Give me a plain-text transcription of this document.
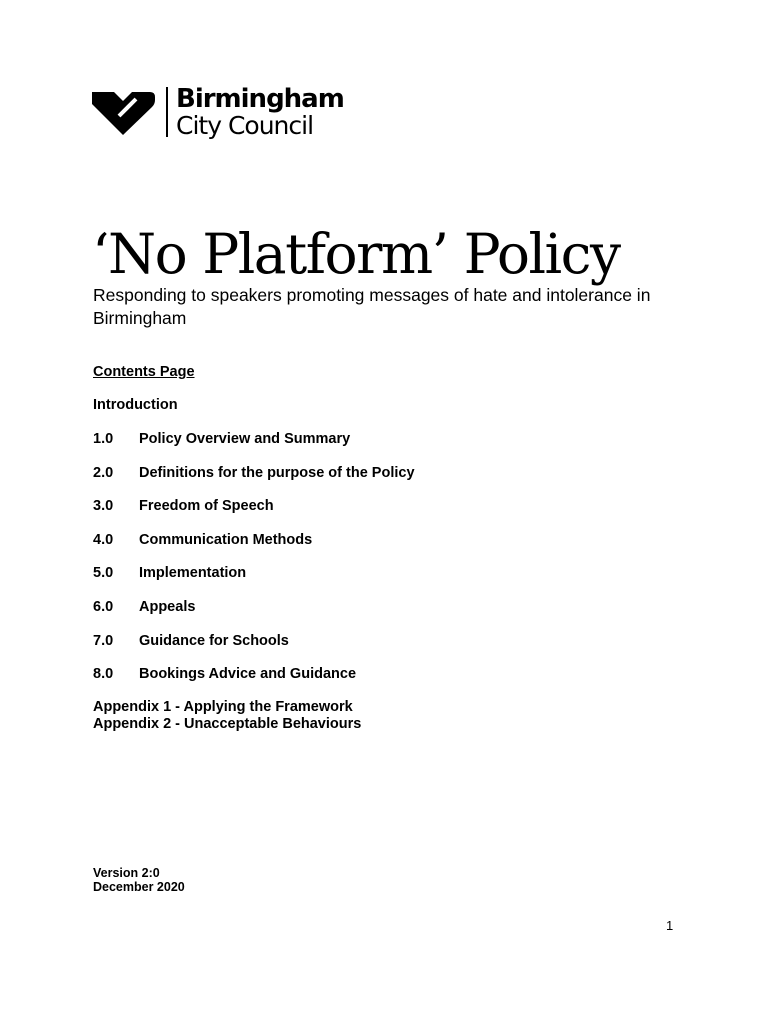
Birmingham
City Council
‘No Platform’ Policy
Responding to speakers promoting messages of hate and intolerance in Birmingham
Contents Page
Introduction
1.0 Policy Overview and Summary
2.0 Definitions for the purpose of the Policy
3.0 Freedom of Speech
4.0 Communication Methods
5.0 Implementation
6.0 Appeals
7.0 Guidance for Schools
8.0 Bookings Advice and Guidance
Appendix 1 - Applying the Framework
Appendix 2 - Unacceptable Behaviours
Version 2:0
December 2020
1
